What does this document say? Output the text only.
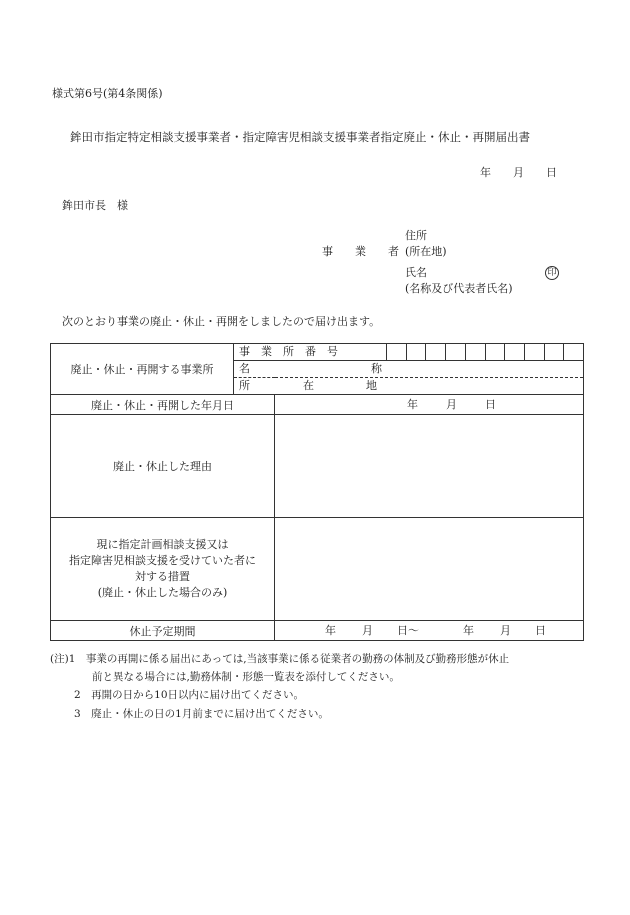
様式第6号(第4条関係)
鉾田市指定特定相談支援事業者・指定障害児相談支援事業者指定廃止・休止・再開届出書
年 月 日
鉾田市長　様
住所
事　　業　　者 (所在地)
氏名	印
(名称及び代表者氏名)
次のとおり事業の廃止・休止・再開をしましたので届け出ます。
廃止・休止・再開する事業所	事　業　所　番　号	

	名 称	

	所 在 地	

廃止・休止・再開した年月日		年 月 日

廃止・休止した理由		

現に指定計画相談支援又は
指定障害児相談支援を受けていた者に
対する措置
(廃止・休止した場合のみ)		

休止予定期間		年 月 日～ 年 月 日
(注)1　事業の再開に係る届出にあっては,当該事業に係る従業者の勤務の体制及び勤務形態が休止
前と異なる場合には,勤務体制・形態一覧表を添付してください。
2　再開の日から10日以内に届け出てください。
3　廃止・休止の日の1月前までに届け出てください。
